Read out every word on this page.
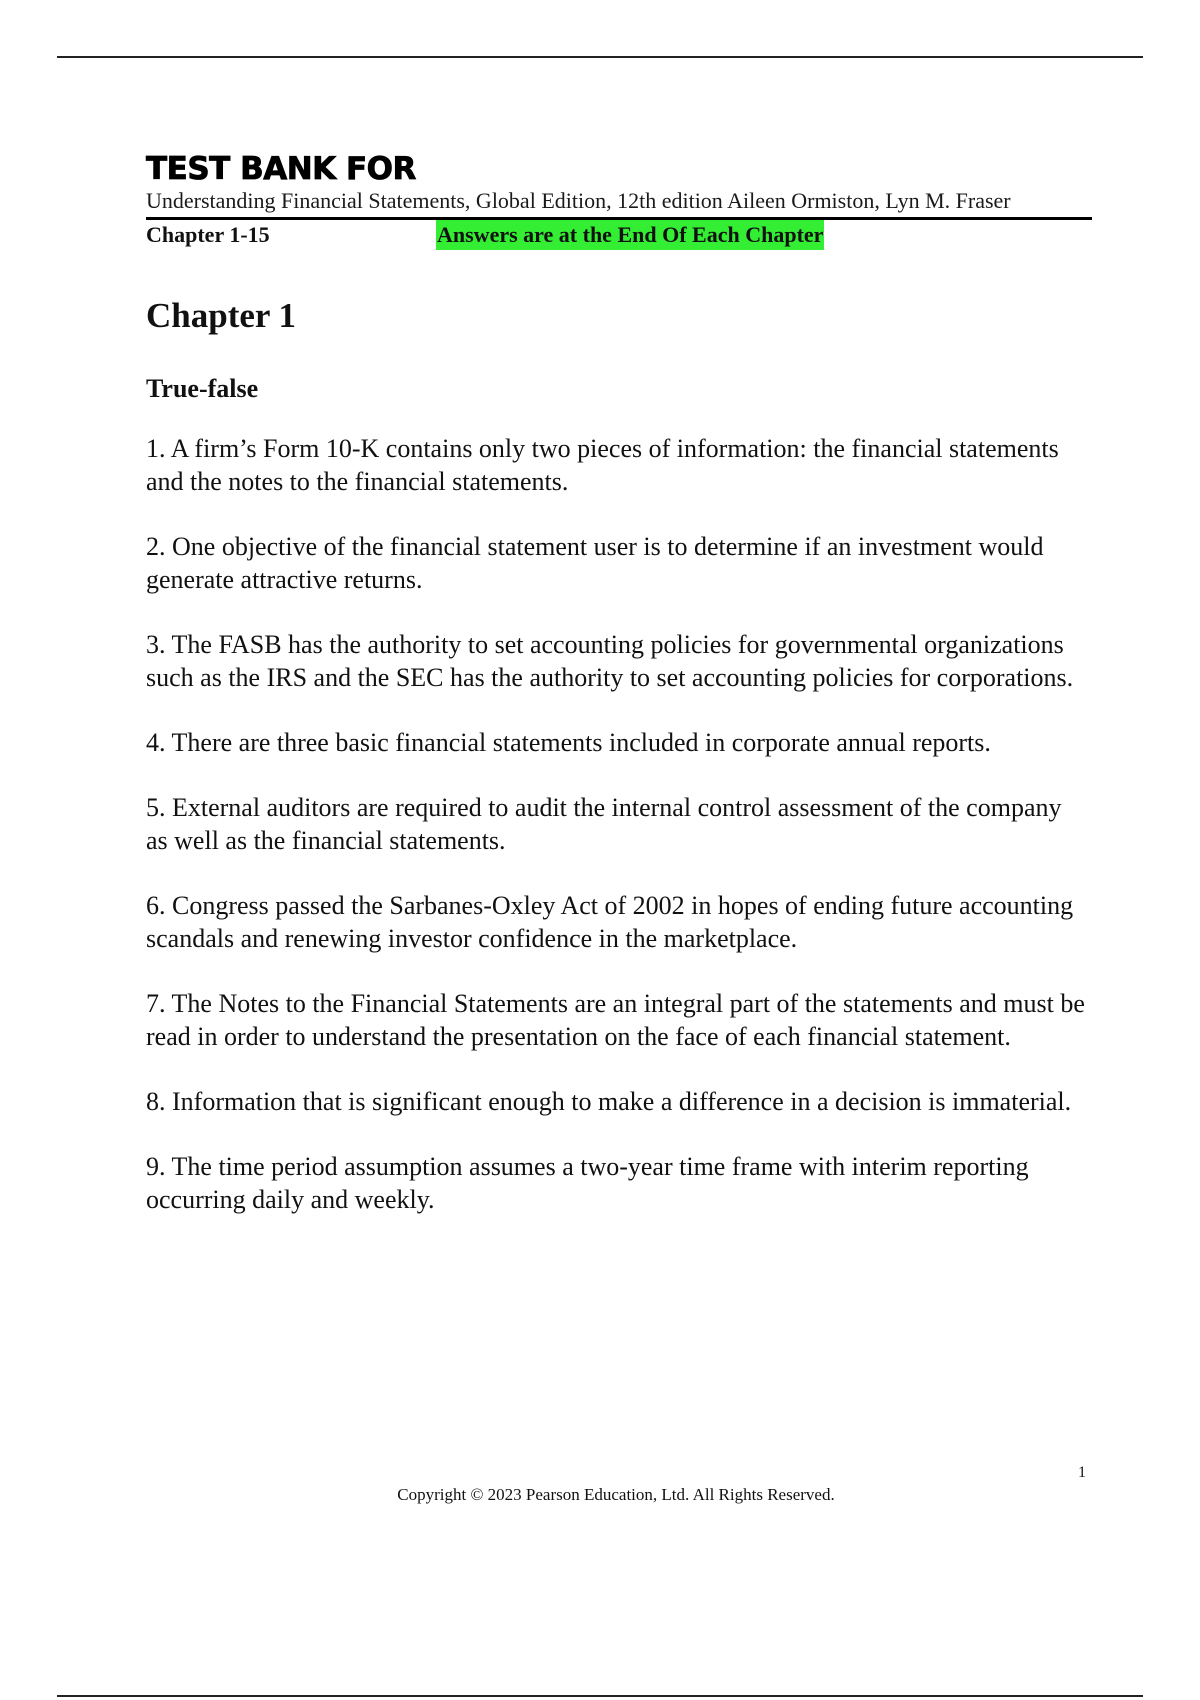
TEST BANK FOR
Understanding Financial Statements, Global Edition, 12th edition Aileen Ormiston, Lyn M. Fraser
Chapter 1-15	Answers are at the End Of Each Chapter
Chapter 1
True-false
1. A firm’s Form 10-K contains only two pieces of information: the financial statements and the notes to the financial statements.
2. One objective of the financial statement user is to determine if an investment would generate attractive returns.
3. The FASB has the authority to set accounting policies for governmental organizations such as the IRS and the SEC has the authority to set accounting policies for corporations.
4. There are three basic financial statements included in corporate annual reports.
5. External auditors are required to audit the internal control assessment of the company as well as the financial statements.
6. Congress passed the Sarbanes-Oxley Act of 2002 in hopes of ending future accounting scandals and renewing investor confidence in the marketplace.
7. The Notes to the Financial Statements are an integral part of the statements and must be read in order to understand the presentation on the face of each financial statement.
8. Information that is significant enough to make a difference in a decision is immaterial.
9. The time period assumption assumes a two-year time frame with interim reporting occurring daily and weekly.
1
Copyright © 2023 Pearson Education, Ltd. All Rights Reserved.
